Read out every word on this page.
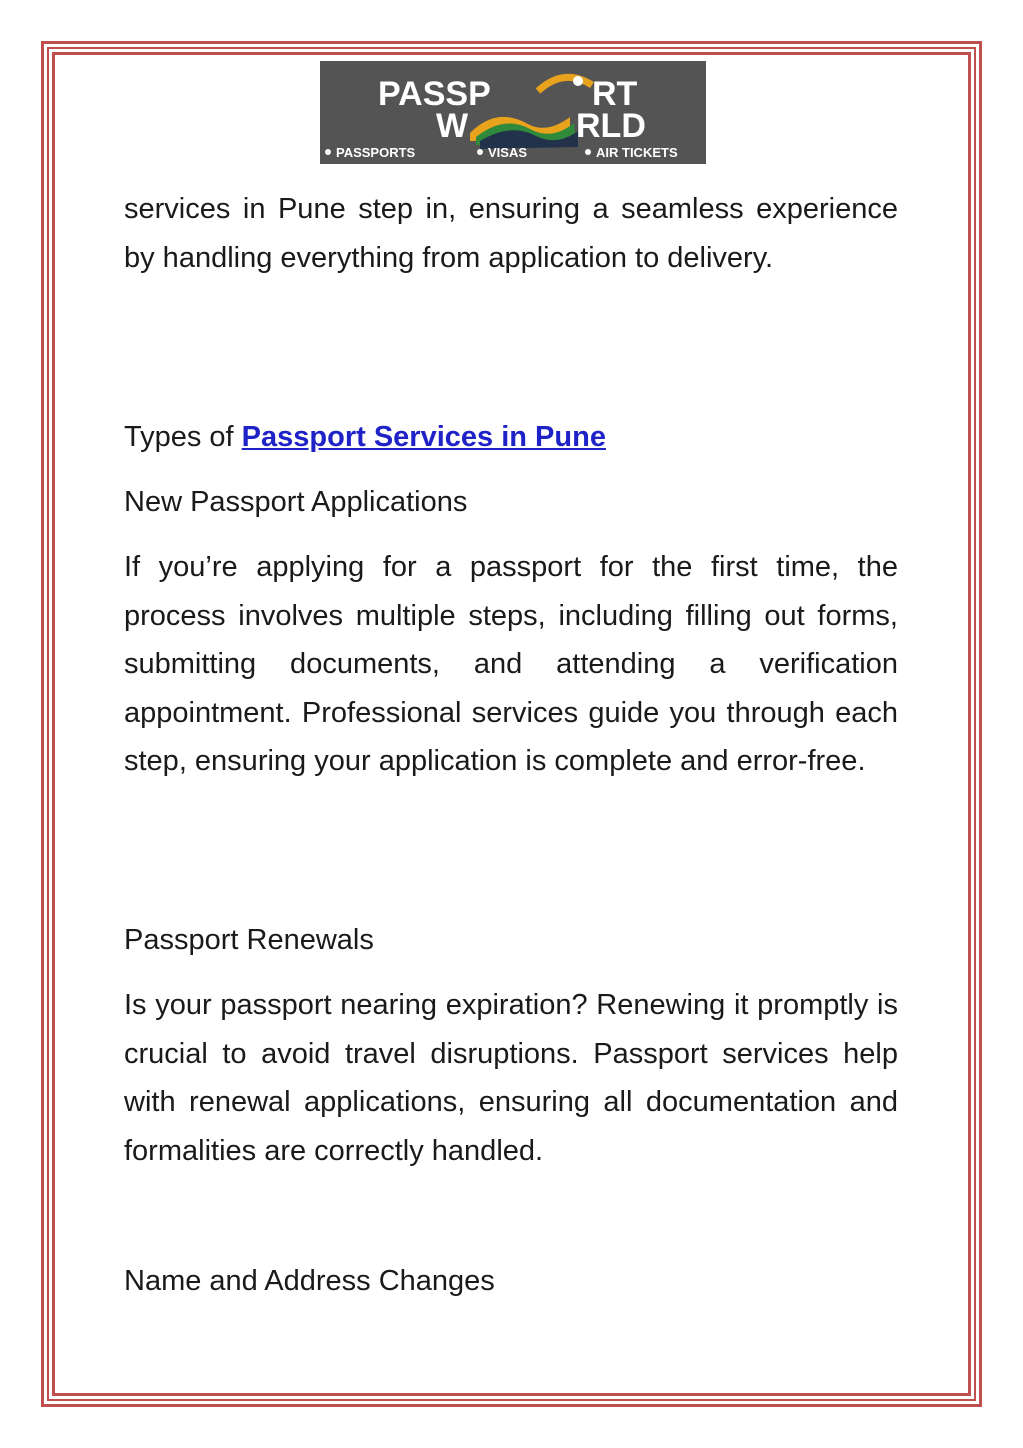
PASSP	RT
W	RLD
PASSPORTS	VISAS	AIR TICKETS

services in Pune step in, ensuring a seamless experience by handling everything from application to delivery.

Types of Passport Services in Pune

New Passport Applications

If you’re applying for a passport for the first time, the process involves multiple steps, including filling out forms, submitting documents, and attending a verification appointment. Professional services guide you through each step, ensuring your application is complete and error-free.

Passport Renewals

Is your passport nearing expiration? Renewing it promptly is crucial to avoid travel disruptions. Passport services help with renewal applications, ensuring all documentation and formalities are correctly handled.

Name and Address Changes
